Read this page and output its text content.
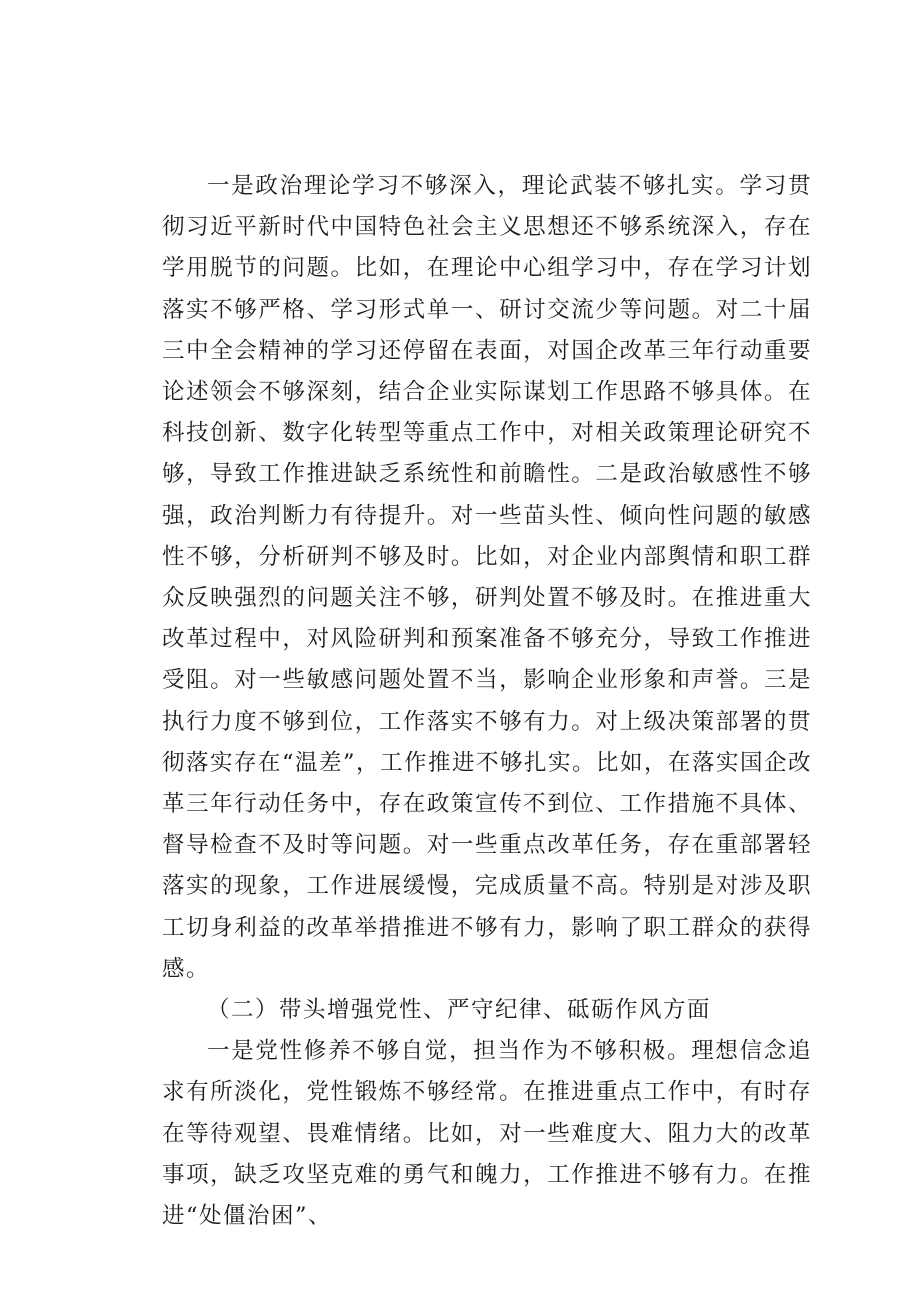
一是政治理论学习不够深入，理论武装不够扎实。学习贯彻习近平新时代中国特色社会主义思想还不够系统深入，存在学用脱节的问题。比如，在理论中心组学习中，存在学习计划落实不够严格、学习形式单一、研讨交流少等问题。对二十届三中全会精神的学习还停留在表面，对国企改革三年行动重要论述领会不够深刻，结合企业实际谋划工作思路不够具体。在科技创新、数字化转型等重点工作中，对相关政策理论研究不够，导致工作推进缺乏系统性和前瞻性。二是政治敏感性不够强，政治判断力有待提升。对一些苗头性、倾向性问题的敏感性不够，分析研判不够及时。比如，对企业内部舆情和职工群众反映强烈的问题关注不够，研判处置不够及时。在推进重大改革过程中，对风险研判和预案准备不够充分，导致工作推进受阻。对一些敏感问题处置不当，影响企业形象和声誉。三是执行力度不够到位，工作落实不够有力。对上级决策部署的贯彻落实存在“温差”，工作推进不够扎实。比如，在落实国企改革三年行动任务中，存在政策宣传不到位、工作措施不具体、督导检查不及时等问题。对一些重点改革任务，存在重部署轻落实的现象，工作进展缓慢，完成质量不高。特别是对涉及职工切身利益的改革举措推进不够有力，影响了职工群众的获得感。

（二）带头增强党性、严守纪律、砥砺作风方面

一是党性修养不够自觉，担当作为不够积极。理想信念追求有所淡化，党性锻炼不够经常。在推进重点工作中，有时存在等待观望、畏难情绪。比如，对一些难度大、阻力大的改革事项，缺乏攻坚克难的勇气和魄力，工作推进不够有力。在推进“处僵治困”、
